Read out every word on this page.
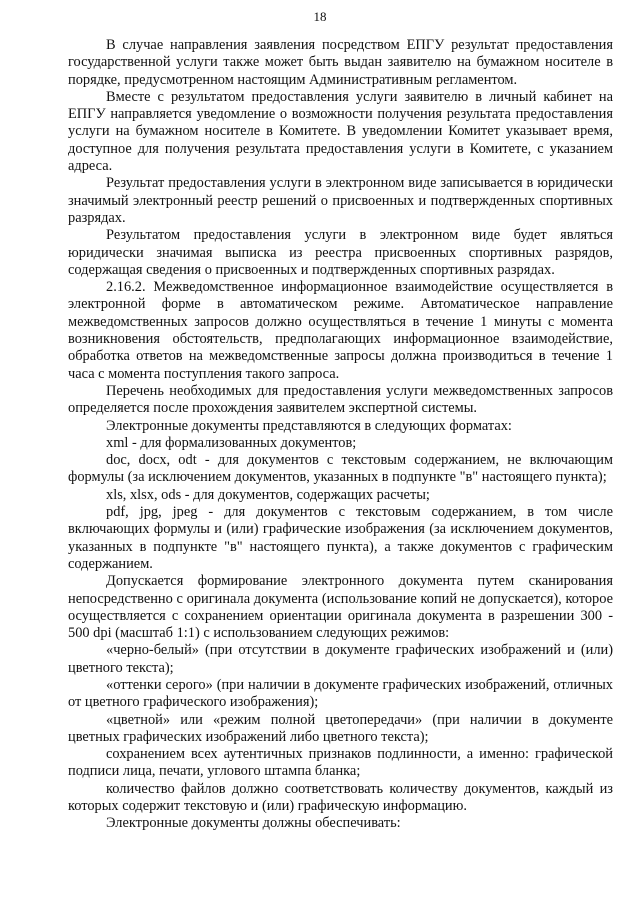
18

В случае направления заявления посредством ЕПГУ результат предоставления государственной услуги также может быть выдан заявителю на бумажном носителе в порядке, предусмотренном настоящим Административным регламентом.

Вместе с результатом предоставления услуги заявителю в личный кабинет на ЕПГУ направляется уведомление о возможности получения результата предоставления услуги на бумажном носителе в Комитете. В уведомлении Комитет указывает время, доступное для получения результата предоставления услуги в Комитете, с указанием адреса.

Результат предоставления услуги в электронном виде записывается в юридически значимый электронный реестр решений о присвоенных и подтвержденных спортивных разрядах.

Результатом предоставления услуги в электронном виде будет являться юридически значимая выписка из реестра присвоенных спортивных разрядов, содержащая сведения о присвоенных и подтвержденных спортивных разрядах.

2.16.2. Межведомственное информационное взаимодействие осуществляется в электронной форме в автоматическом режиме. Автоматическое направление межведомственных запросов должно осуществляться в течение 1 минуты с момента возникновения обстоятельств, предполагающих информационное взаимодействие, обработка ответов на межведомственные запросы должна производиться в течение 1 часа с момента поступления такого запроса.

Перечень необходимых для предоставления услуги межведомственных запросов определяется после прохождения заявителем экспертной системы.

Электронные документы представляются в следующих форматах:

xml - для формализованных документов;

doc, docx, odt - для документов с текстовым содержанием, не включающим формулы (за исключением документов, указанных в подпункте "в" настоящего пункта);

xls, xlsx, ods - для документов, содержащих расчеты;

pdf, jpg, jpeg - для документов с текстовым содержанием, в том числе включающих формулы и (или) графические изображения (за исключением документов, указанных в подпункте "в" настоящего пункта), а также документов с графическим содержанием.

Допускается формирование электронного документа путем сканирования непосредственно с оригинала документа (использование копий не допускается), которое осуществляется с сохранением ориентации оригинала документа в разрешении 300 - 500 dpi (масштаб 1:1) с использованием следующих режимов:

«черно-белый» (при отсутствии в документе графических изображений и (или) цветного текста);

«оттенки серого» (при наличии в документе графических изображений, отличных от цветного графического изображения);

«цветной» или «режим полной цветопередачи» (при наличии в документе цветных графических изображений либо цветного текста);

сохранением всех аутентичных признаков подлинности, а именно: графической подписи лица, печати, углового штампа бланка;

количество файлов должно соответствовать количеству документов, каждый из которых содержит текстовую и (или) графическую информацию.

Электронные документы должны обеспечивать:
